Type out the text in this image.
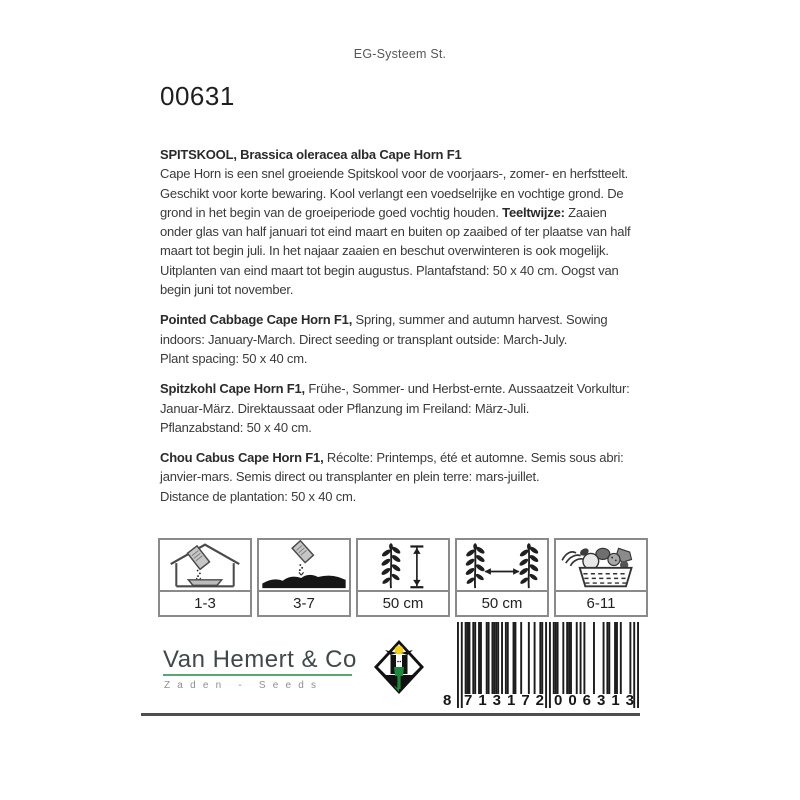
EG-Systeem St.
00631
SPITSKOOL, Brassica oleracea alba Cape Horn F1
Cape Horn is een snel groeiende Spitskool voor de voorjaars-, zomer- en herfstteelt.
Geschikt voor korte bewaring. Kool verlangt een voedselrijke en vochtige grond. De
grond in het begin van de groeiperiode goed vochtig houden. Teeltwijze: Zaaien
onder glas van half januari tot eind maart en buiten op zaaibed of ter plaatse van half
maart tot begin juli. In het najaar zaaien en beschut overwinteren is ook mogelijk.
Uitplanten van eind maart tot begin augustus. Plantafstand: 50 x 40 cm. Oogst van
begin juni tot november.
Pointed Cabbage Cape Horn F1, Spring, summer and autumn harvest. Sowing
indoors: January-March. Direct seeding or transplant outside: March-July.
Plant spacing: 50 x 40 cm.
Spitzkohl Cape Horn F1, Frühe-, Sommer- und Herbst-ernte. Aussaatzeit Vorkultur:
Januar-März. Direktaussaat oder Pflanzung im Freiland: März-Juli.
Pflanzabstand: 50 x 40 cm.
Chou Cabus Cape Horn F1, Récolte: Printemps, été et automne. Semis sous abri:
janvier-mars. Semis direct ou transplanter en plein terre: mars-juillet.
Distance de plantation: 50 x 40 cm.
1-3	3-7	50 cm	50 cm	6-11
Van Hemert & Co
Zaden - Seeds
8 7 1 3 1 7 2 0 0 6 3 1 3
